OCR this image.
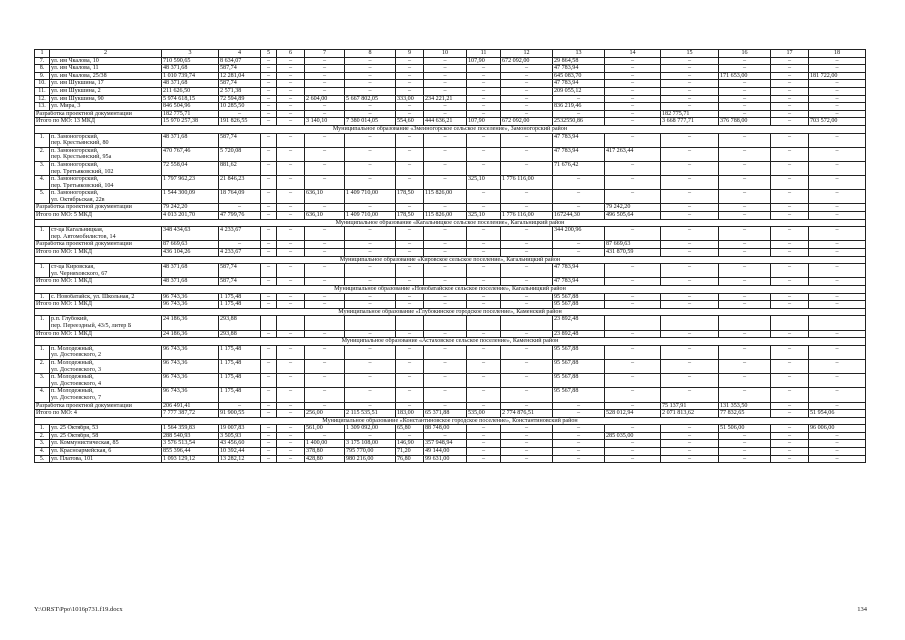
1	2	3	4	5	6	7	8	9	10	11	12	13	14	15	16	17	18
7.	ул. им Чкалова, 10	710 590,65	8 634,07	–	–	–	–	–	–	107,90	672 092,00	29 864,58	–	–	–	–	–
8.	ул. им Чкалова, 11	48 371,68	587,74	–	–	–	–	–	–	–	–	47 783,94	–	–	–	–	–
9.	ул. им Чкалова, 25/38	1 010 739,74	12 281,04	–	–	–	–	–	–	–	–	645 083,70	–	–	171 653,00	–	181 722,00
10.	ул. им Шукшина, 17	48 371,68	587,74	–	–	–	–	–	–	–	–	47 783,94	–	–	–	–	–
11.	ул. им Шукшина, 2	211 626,50	2 571,38	–	–	–	–	–	–	–	–	209 055,12	–	–	–	–	–
12.	ул. им Шукшина, 90	5 974 618,15	72 594,89	–	–	2 604,00	5 667 802,05	333,00	234 221,21	–	–	–	–	–	–	–	–
13.	ул. Мира, 3	846 504,96	10 285,50	–	–	–	–	–	–	–	–	836 219,46	–	–	–	–	–
Разработка проектной документации		182 775,71	–	–	–	–	–	–	–	–	–	–	–	182 775,71	–	–	–
Итого по МО: 13 МКД		15 970 257,38	191 826,55	–	–	3 140,10	7 380 014,05	554,60	444 636,21	107,90	672 092,00	2532550,86	–	3 668 777,71	376 788,00	–	703 572,00
Муниципальное образование «Змеиногорское сельское поселение», Замоногорский район																	
1.	п. Замоногорский,
пер. Крестьянский, 80	48 371,68	587,74	–	–	–	–	–	–	–	–	47 783,94	–	–	–	–	–
2.	п. Замоногорский,
пер. Крестьянский, 95а	470 767,46	5 720,08	–	–	–	–	–	–	–	–	47 783,94	417 263,44	–	–	–	–
3.	п. Замоногорский,
пер. Третьяковский, 102	72 558,04	881,62	–	–	–	–	–	–	–	–	71 676,42	–	–	–	–	–
4.	п. Замоногорский,
пер. Третьяковский, 104	1 797 962,23	21 846,23	–	–	–	–	–	–	325,10	1 776 116,00	–	–	–	–	–	–
5.	п. Замоногорский,
ул. Октябрьская, 22в	1 544 300,09	18 764,09	–	–	636,10	1 409 710,00	178,50	115 826,00	–	–	–	–	–	–	–	–
Разработка проектной документации		79 242,20	–	–	–	–	–	–	–	–	–	–	79 242,20	–	–	–	–
Итого по МО: 5 МКД		4 013 201,70	47 799,76	–	–	636,10	1 409 710,00	178,50	115 826,00	325,10	1 776 116,00	167244,30	496 505,64	–	–	–	–
Муниципальное образование «Кагальницкое сельское поселение», Кагальницкий район																	
1.	ст-ца Кагальницкая,
пер. Автомобилистов, 14	348 434,63	4 233,67	–	–	–	–	–	–	–	–	344 200,96	–	–	–	–	–
Разработка проектной документации		87 669,63	–	–	–	–	–	–	–	–	–	–	87 669,63	–	–	–	–
Итого по МО: 1 МКД		436 104,26	4 233,67	–	–	–	–	–	–	–	–	–	431 870,59	–	–	–	–
Муниципальное образование «Кировское сельское поселение», Кагальницкий район																	
1.	ст-ца Кировская,
ул. Черняховского, 67	48 371,68	587,74	–	–	–	–	–	–	–	–	47 783,94	–	–	–	–	–
Итого по МО: 1 МКД		48 371,68	587,74	–	–	–	–	–	–	–	–	47 783,94	–	–	–	–	–
Муниципальное образование «Новобатайское сельское поселение», Кагальницкий район																	
1.	с. Новобатайск, ул. Школьная, 2	96 743,36	1 175,48	–	–	–	–	–	–	–	–	95 567,88	–	–	–	–	–
Итого по МО: 1 МКД		96 743,36	1 175,48	–	–	–	–	–	–	–	–	95 567,88	–	–	–	–	–
Муниципальное образование «Глубокинское городское поселение», Каменский район																	
1.	р.п. Глубокий,
пер. Переездный, 43/5, литер Б	24 186,36	293,88									23 892,48					
Итого по МО: 1 МКД		24 186,36	293,88	–	–	–	–	–	–	–	–	23 892,48	–	–	–	–	–
Муниципальное образование «Астаховское сельское поселение», Каменский район																	
1.	п. Молодежный,
ул. Достоевского, 2	96 743,36	1 175,48	–	–	–	–	–	–	–	–	95 567,88	–	–	–	–	–
2.	п. Молодежный,
ул. Достоевского, 3	96 743,36	1 175,48	–	–	–	–	–	–	–	–	95 567,88	–	–	–	–	–
3.	п. Молодежный,
ул. Достоевского, 4	96 743,36	1 175,48	–	–	–	–	–	–	–	–	95 567,88	–	–	–	–	–
4.	п. Молодежный,
ул. Достоевского, 7	96 743,36	1 175,48	–	–	–	–	–	–	–	–	95 567,88	–	–	–	–	–
Разработка проектной документации		206 491,41	–	–	–	–	–	–	–	–	–	–	–	75 137,91	131 353,50	–	–
Итого по МО: 4		7 777 387,72	91 900,55	–	–	256,00	2 115 535,51	183,00	65 371,88	535,00	2 774 876,51	–	528 012,94	2 071 813,62	77 832,65	–	51 954,06
Муниципальное образование «Константиновское городское поселение», Константиновский район																	
1.	ул. 25 Октября, 53	1 564 359,83	19 007,83	–	–	561,00	1 309 092,00	65,80	88 748,00	–	–	–	–	–	51 506,00	–	96 006,00
2.	ул. 25 Октября, 58	288 540,93	3 505,93	–	–	–	–	–	–	–	–	–	285 035,00	–	–	–	–
3.	ул. Коммунистическая, 85	3 576 513,54	43 456,60	–	–	1 400,00	3 175 108,00	146,90	357 948,94	–	–	–	–	–	–	–	–
4.	ул. Красноармейская, 6	855 396,44	10 392,44	–	–	378,80	795 770,00	71,20	49 144,00	–	–	–	–	–	–	–	–
5.	ул. Платова, 101	1 093 129,12	13 282,12	–	–	428,80	980 216,00	76,80	99 631,00	–	–	–	–	–	–	–	–
Y:\ORST\Ppo\1016p731.f19.docx	134
